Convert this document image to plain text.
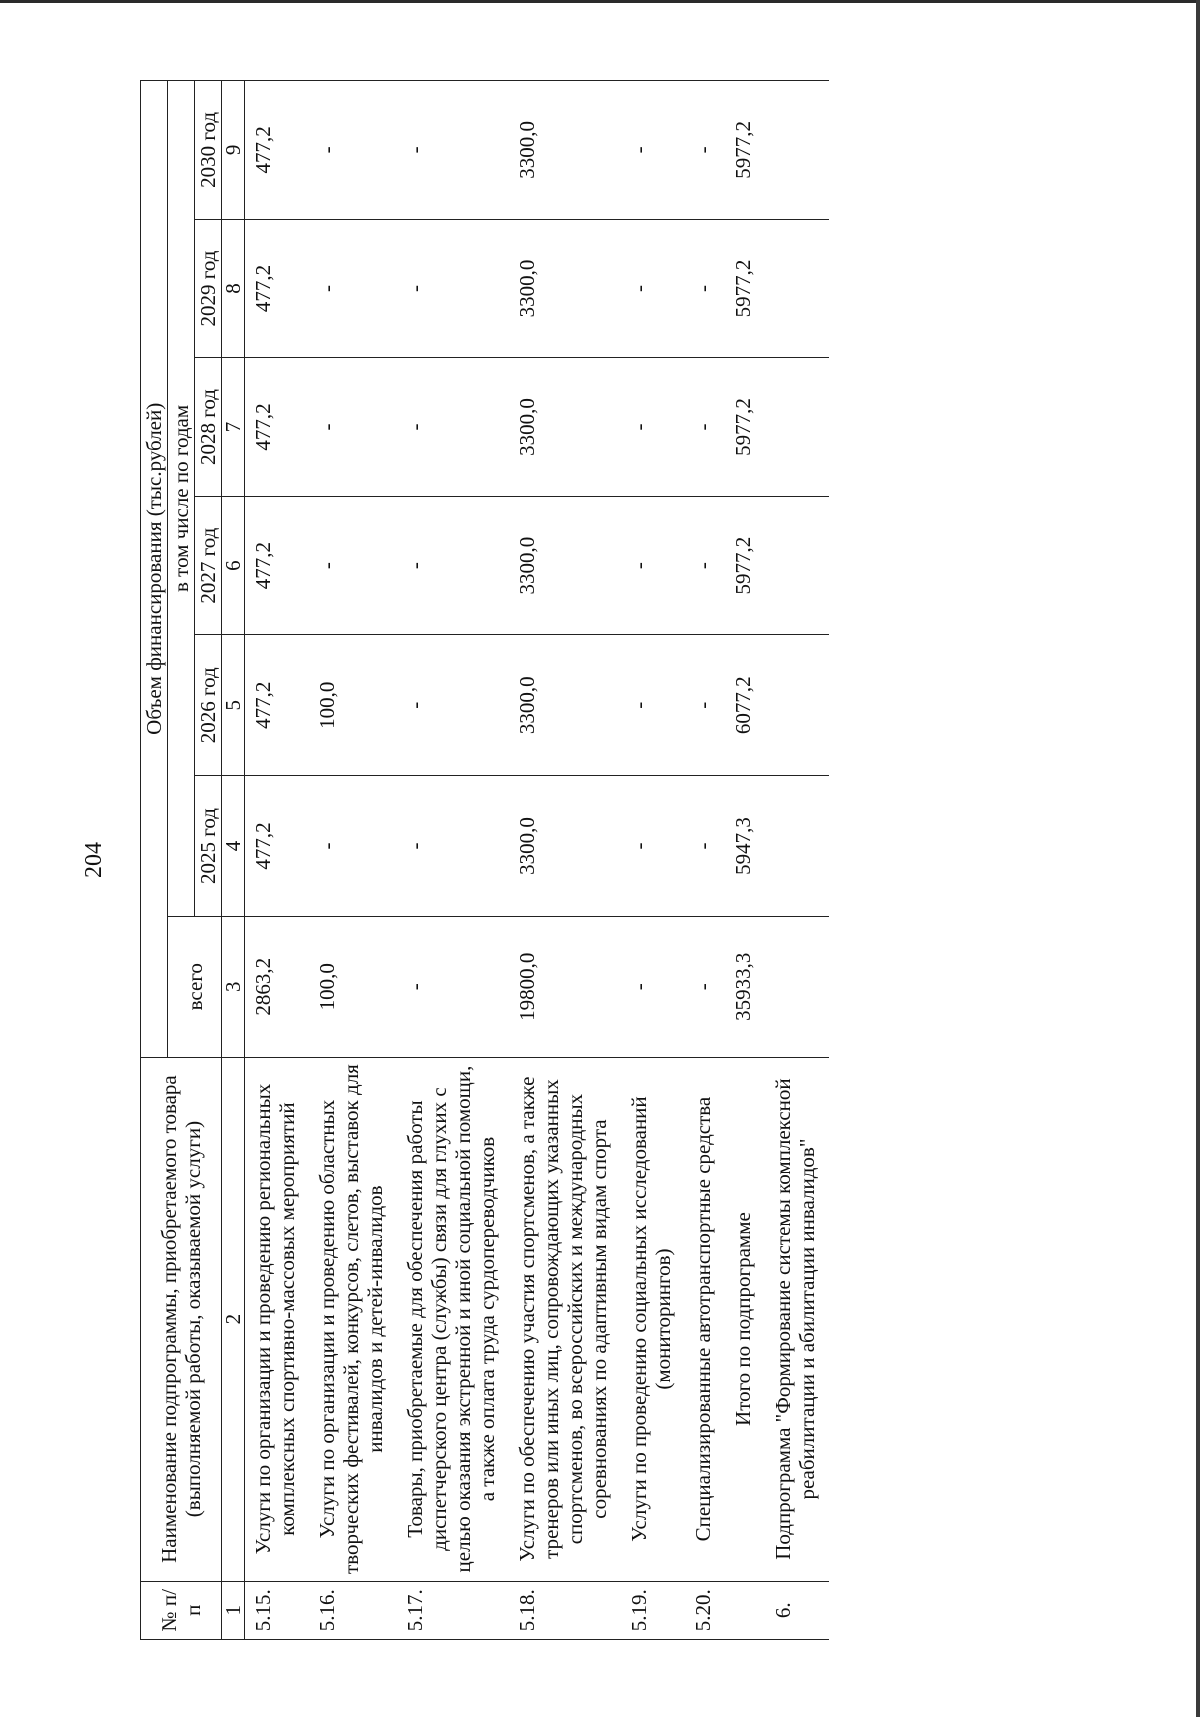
204
№ п/п	Наименование подпрограммы, приобретаемого товара (выполняемой работы, оказываемой услуги)	Объем финансирования (тыс.рублей)						
		всего	в том числе по годам					
			2025 год	2026 год	2027 год	2028 год	2029 год	2030 год
1	2	3	4	5	6	7	8	9
5.15.	Услуги по организации и проведению региональных комплексных спортивно-массовых мероприятий	2863,2	477,2	477,2	477,2	477,2	477,2	477,2
5.16.	Услуги по организации и проведению областных творческих фестивалей, конкурсов, слетов, выставок для инвалидов и детей-инвалидов	100,0	-	100,0	-	-	-	-
5.17.	Товары, приобретаемые для обеспечения работы диспетчерского центра (службы) связи для глухих с целью оказания экстренной и иной социальной помощи, а также оплата труда сурдопереводчиков	-	-	-	-	-	-	-
5.18.	Услуги по обеспечению участия спортсменов, а также тренеров или иных лиц, сопровождающих указанных спортсменов, во всероссийских и международных соревнованиях по адаптивным видам спорта	19800,0	3300,0	3300,0	3300,0	3300,0	3300,0	3300,0
5.19.	Услуги по проведению социальных исследований (мониторингов)	-	-	-	-	-	-	-
5.20.	Специализированные автотранспортные средства	-	-	-	-	-	-	-
	Итого по подпрограмме	35933,3	5947,3	6077,2	5977,2	5977,2	5977,2	5977,2
6.	Подпрограмма "Формирование системы комплексной реабилитации и абилитации инвалидов"							
